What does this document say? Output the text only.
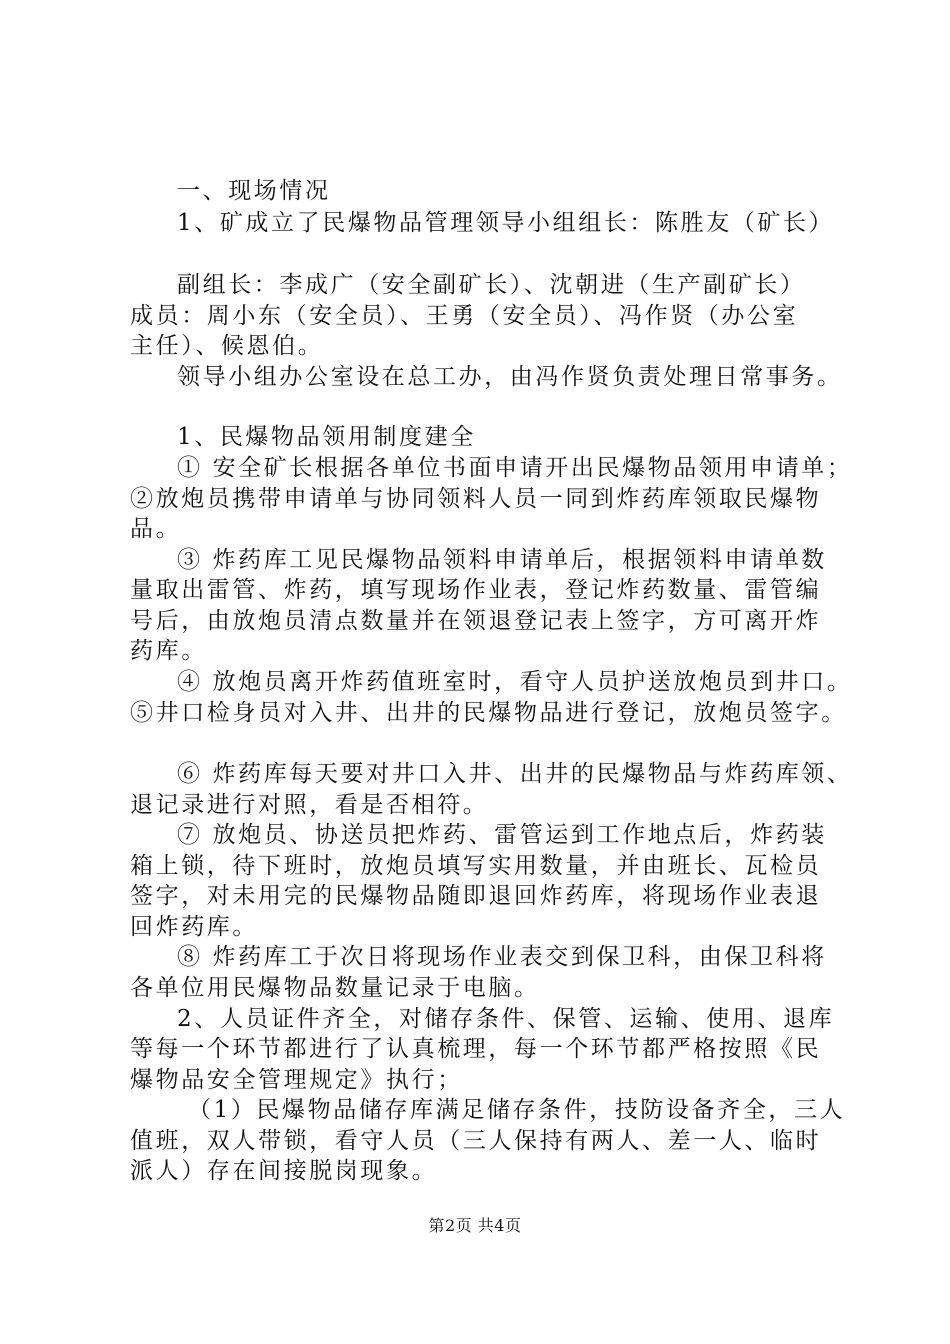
一、现场情况

1、矿成立了民爆物品管理领导小组组长：陈胜友（矿长）

副组长：李成广（安全副矿长）、沈朝进（生产副矿长）

成员：周小东（安全员）、王勇（安全员）、冯作贤（办公室

主任）、候恩伯。

领导小组办公室设在总工办，由冯作贤负责处理日常事务。

1、民爆物品领用制度建全

① 安全矿长根据各单位书面申请开出民爆物品领用申请单；

②放炮员携带申请单与协同领料人员一同到炸药库领取民爆物

品。

③ 炸药库工见民爆物品领料申请单后，根据领料申请单数

量取出雷管、炸药，填写现场作业表，登记炸药数量、雷管编

号后，由放炮员清点数量并在领退登记表上签字，方可离开炸

药库。

④ 放炮员离开炸药值班室时，看守人员护送放炮员到井口。

⑤井口检身员对入井、出井的民爆物品进行登记，放炮员签字。

⑥ 炸药库每天要对井口入井、出井的民爆物品与炸药库领、

退记录进行对照，看是否相符。

⑦ 放炮员、协送员把炸药、雷管运到工作地点后，炸药装

箱上锁，待下班时，放炮员填写实用数量，并由班长、瓦检员

签字，对未用完的民爆物品随即退回炸药库，将现场作业表退

回炸药库。

⑧ 炸药库工于次日将现场作业表交到保卫科，由保卫科将

各单位用民爆物品数量记录于电脑。

2、人员证件齐全，对储存条件、保管、运输、使用、退库

等每一个环节都进行了认真梳理，每一个环节都严格按照《民

爆物品安全管理规定》执行；

（1）民爆物品储存库满足储存条件，技防设备齐全，三人

值班，双人带锁，看守人员（三人保持有两人、差一人、临时

派人）存在间接脱岗现象。

第2页 共4页
